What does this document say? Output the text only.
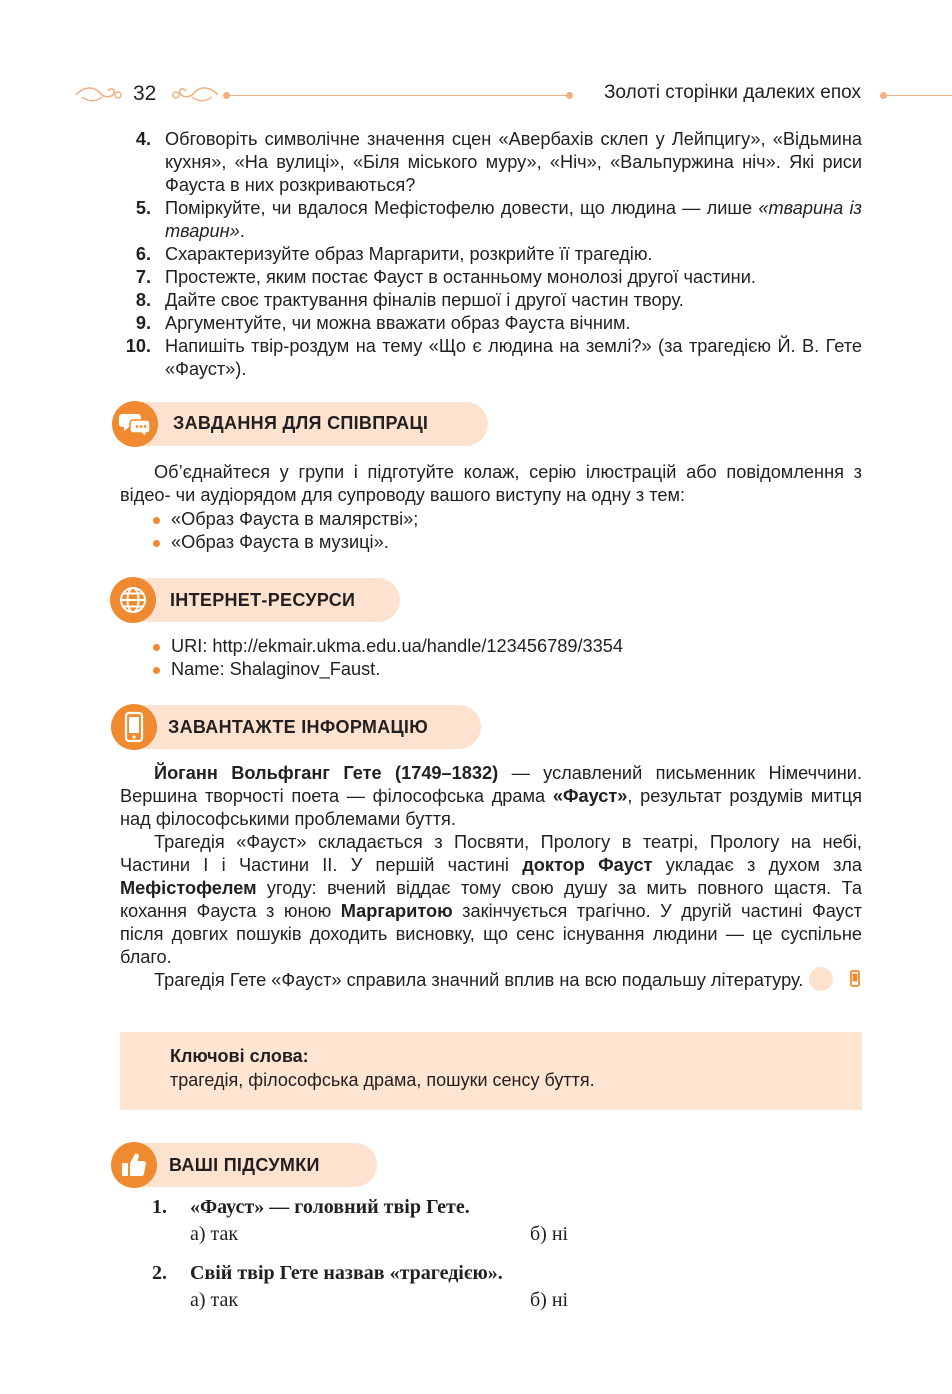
32	Золоті сторінки далеких епох
4. Обговоріть символічне значення сцен «Авербахів склеп у Лейпцигу», «Відьмина кухня», «На вулиці», «Біля міського муру», «Ніч», «Вальпуржина ніч». Які риси Фауста в них розкриваються?
5. Поміркуйте, чи вдалося Мефістофелю довести, що людина — лише «тварина із тварин».
6. Схарактеризуйте образ Маргарити, розкрийте її трагедію.
7. Простежте, яким постає Фауст в останньому монолозі другої частини.
8. Дайте своє трактування фіналів першої і другої частин твору.
9. Аргументуйте, чи можна вважати образ Фауста вічним.
10. Напишіть твір-роздум на тему «Що є людина на землі?» (за трагедією Й. В. Гете «Фауст»).
ЗАВДАННЯ ДЛЯ СПІВПРАЦІ

Об’єднайтеся у групи і підготуйте колаж, серію ілюстрацій або повідомлення з відео- чи аудіорядом для супроводу вашого виступу на одну з тем:

«Образ Фауста в малярстві»;
«Образ Фауста в музиці».
ІНТЕРНЕТ-РЕСУРСИ
URI: http://ekmair.ukma.edu.ua/handle/123456789/3354
Name: Shalaginov_Faust.
ЗАВАНТАЖТЕ ІНФОРМАЦІЮ

Йоганн Вольфганг Гете (1749–1832) — уславлений письменник Німеччини. Вершина творчості поета — філософська драма «Фауст», результат роздумів митця над філософськими проблемами буття.

Трагедія «Фауст» складається з Посвяти, Прологу в театрі, Прологу на небі, Частини І і Частини ІІ. У першій частині доктор Фауст укладає з духом зла Мефістофелем угоду: вчений віддає тому свою душу за мить повного щастя. Та кохання Фауста з юною Маргаритою закінчується трагічно. У другій частині Фауст після довгих пошуків доходить висновку, що сенс існування людини — це суспільне благо.

Трагедія Гете «Фауст» справила значний вплив на всю подальшу літературу.

Ключові слова:
трагедія, філософська драма, пошуки сенсу буття.
ВАШІ ПІДСУМКИ
1. «Фауст» — головний твір Гете.
а) так	б) ні
2. Свій твір Гете назвав «трагедією».
а) так	б) ні
